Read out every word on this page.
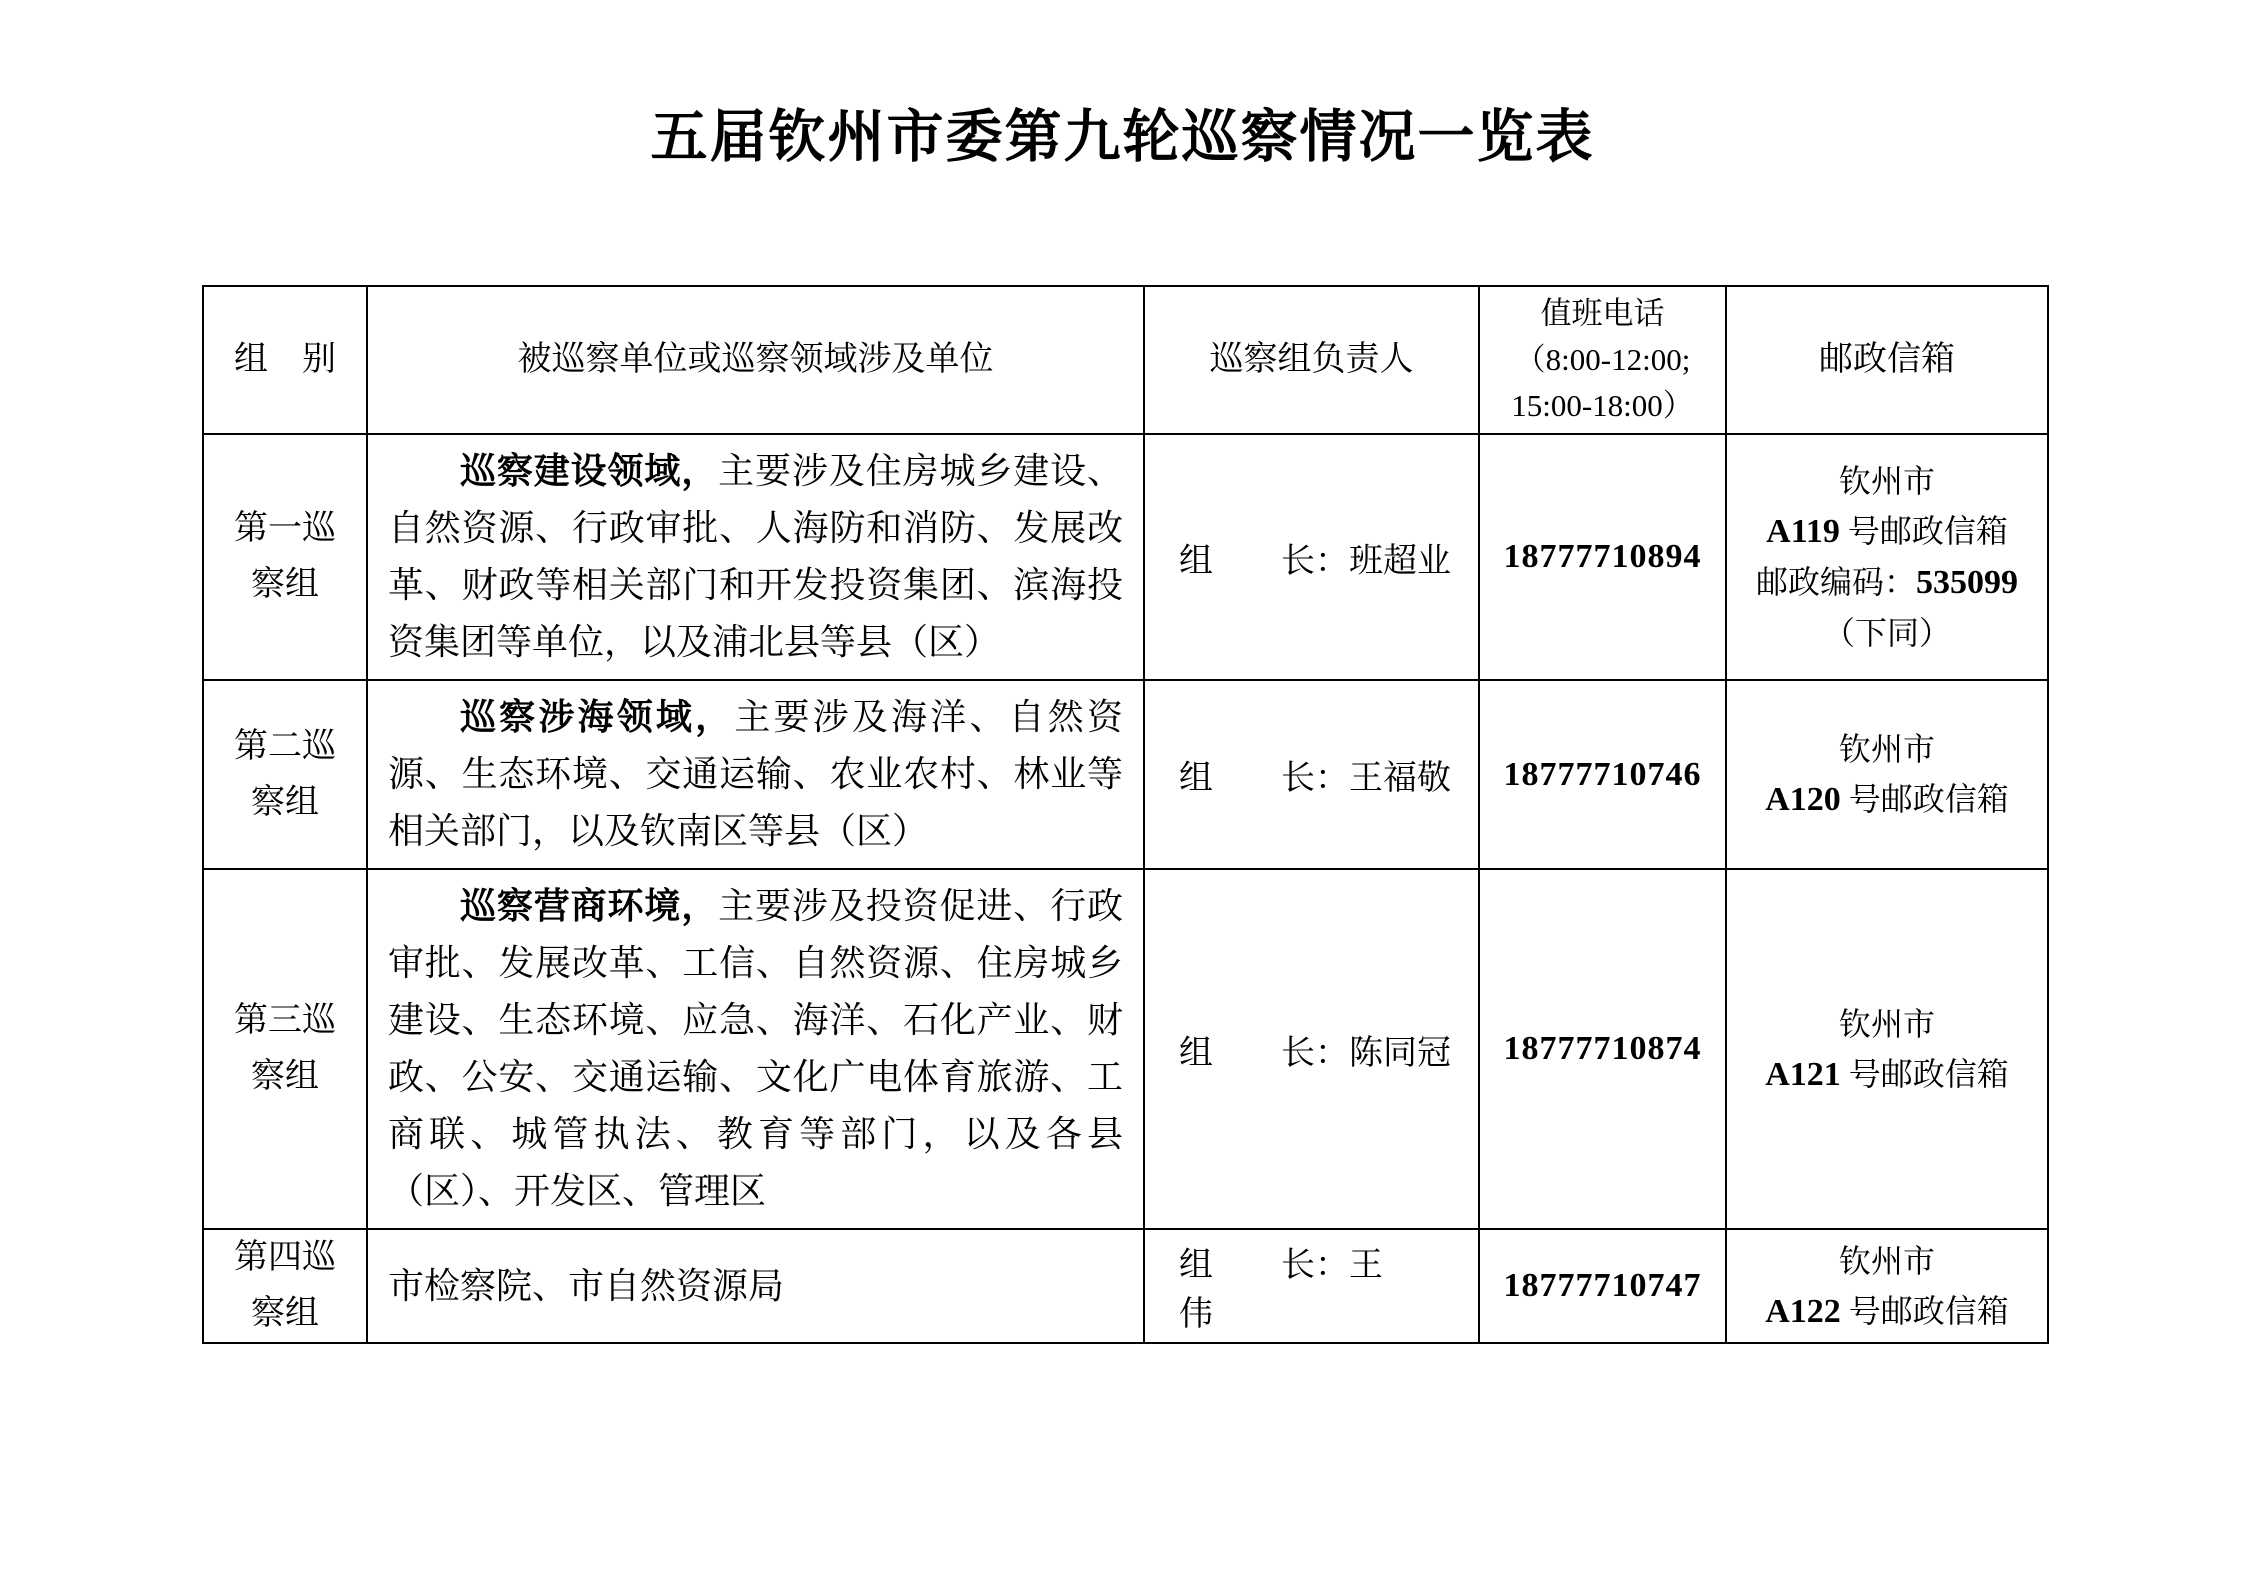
五届钦州市委第九轮巡察情况一览表
组　别	被巡察单位或巡察领域涉及单位	巡察组负责人	值班电话
（8:00-12:00;
15:00-18:00）	邮政信箱
第一巡察组	巡察建设领域，主要涉及住房城乡建设、自然资源、行政审批、人海防和消防、发展改革、财政等相关部门和开发投资集团、滨海投资集团等单位，以及浦北县等县（区）	组　　长：班超业	18777710894	钦州市
A119 号邮政信箱
邮政编码：535099
（下同）
第二巡察组	巡察涉海领域，主要涉及海洋、自然资源、生态环境、交通运输、农业农村、林业等相关部门，以及钦南区等县（区）	组　　长：王福敬	18777710746	钦州市
A120 号邮政信箱
第三巡察组	巡察营商环境，主要涉及投资促进、行政审批、发展改革、工信、自然资源、住房城乡建设、生态环境、应急、海洋、石化产业、财政、公安、交通运输、文化广电体育旅游、工商联、城管执法、教育等部门，以及各县（区）、开发区、管理区	组　　长：陈同冠	18777710874	钦州市
A121 号邮政信箱
第四巡察组	市检察院、市自然资源局	组　　长：王　　伟	18777710747	钦州市
A122 号邮政信箱
